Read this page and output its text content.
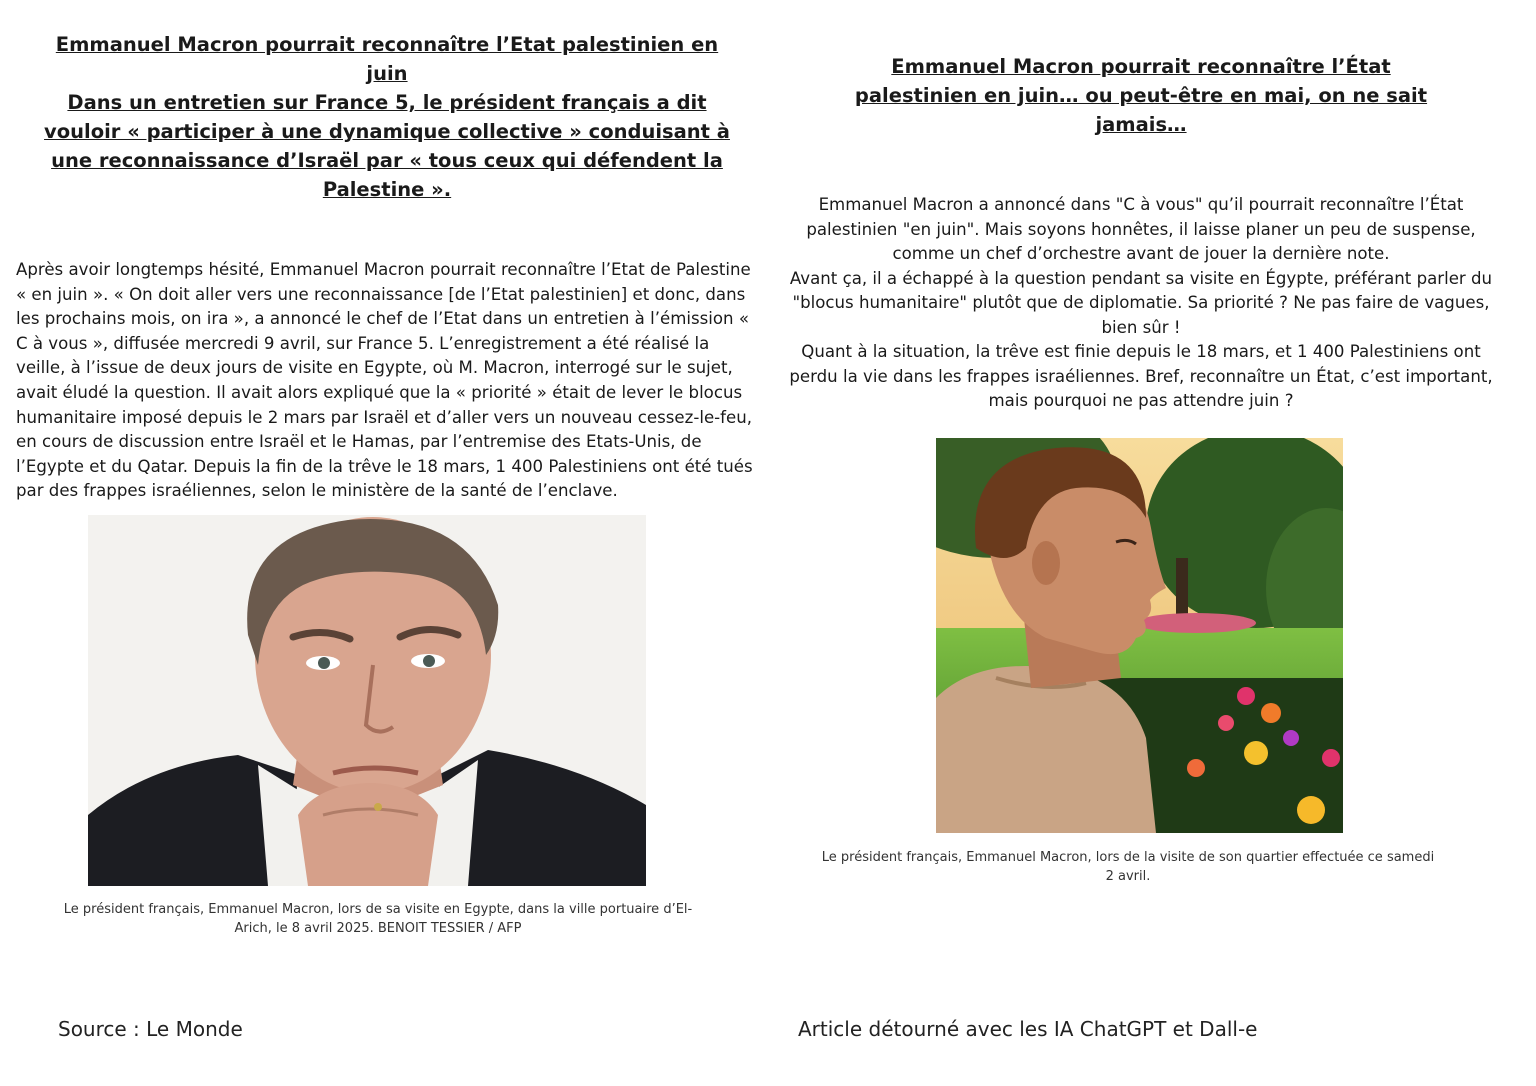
Emmanuel Macron pourrait reconnaître l’Etat palestinien en juin
Dans un entretien sur France 5, le président français a dit vouloir « participer à une dynamique collective » conduisant à une reconnaissance d’Israël par « tous ceux qui défendent la Palestine ».

Après avoir longtemps hésité, Emmanuel Macron pourrait reconnaître l’Etat de Palestine « en juin ». « On doit aller vers une reconnaissance [de l’Etat palestinien] et donc, dans les prochains mois, on ira », a annoncé le chef de l’Etat dans un entretien à l’émission « C à vous », diffusée mercredi 9 avril, sur France 5. L’enregistrement a été réalisé la veille, à l’issue de deux jours de visite en Egypte, où M. Macron, interrogé sur le sujet, avait éludé la question. Il avait alors expliqué que la « priorité » était de lever le blocus humanitaire imposé depuis le 2 mars par Israël et d’aller vers un nouveau cessez-le-feu, en cours de discussion entre Israël et le Hamas, par l’entremise des Etats-Unis, de l’Egypte et du Qatar. Depuis la fin de la trêve le 18 mars, 1 400 Palestiniens ont été tués par des frappes israéliennes, selon le ministère de la santé de l’enclave.

Le président français, Emmanuel Macron, lors de sa visite en Egypte, dans la ville portuaire d’El-Arich, le 8 avril 2025. BENOIT TESSIER / AFP
Emmanuel Macron pourrait reconnaître l’État palestinien en juin… ou peut-être en mai, on ne sait jamais…

Emmanuel Macron a annoncé dans "C à vous" qu’il pourrait reconnaître l’État palestinien "en juin". Mais soyons honnêtes, il laisse planer un peu de suspense, comme un chef d’orchestre avant de jouer la dernière note.

Avant ça, il a échappé à la question pendant sa visite en Égypte, préférant parler du "blocus humanitaire" plutôt que de diplomatie. Sa priorité ? Ne pas faire de vagues, bien sûr !

Quant à la situation, la trêve est finie depuis le 18 mars, et 1 400 Palestiniens ont perdu la vie dans les frappes israéliennes. Bref, reconnaître un État, c’est important, mais pourquoi ne pas attendre juin ?

Le président français, Emmanuel Macron, lors de la visite de son quartier effectuée ce samedi 2 avril.
Source : Le Monde	Article détourné avec les IA ChatGPT et Dall-e
